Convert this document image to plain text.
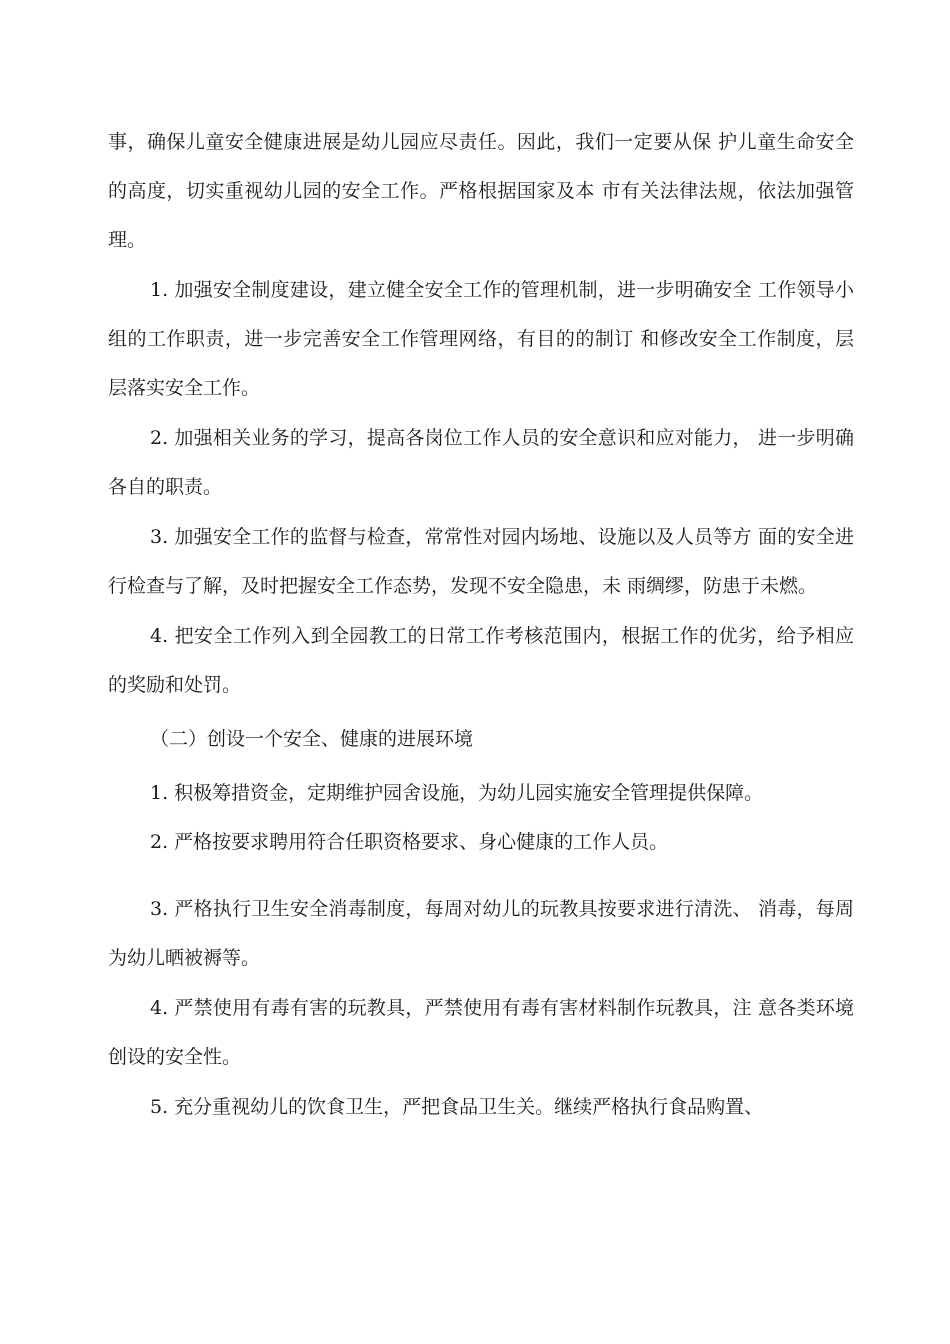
事，确保儿童安全健康进展是幼儿园应尽责任。因此，我们一定要从保 护儿童生命安全的高度，切实重视幼儿园的安全工作。严格根据国家及本 市有关法律法规，依法加强管理。

1. 加强安全制度建设，建立健全安全工作的管理机制，进一步明确安全 工作领导小组的工作职责，进一步完善安全工作管理网络，有目的的制订 和修改安全工作制度，层层落实安全工作。

2. 加强相关业务的学习，提高各岗位工作人员的安全意识和应对能力， 进一步明确各自的职责。

3. 加强安全工作的监督与检查，常常性对园内场地、设施以及人员等方 面的安全进行检查与了解，及时把握安全工作态势，发现不安全隐患，未 雨绸缪，防患于未燃。

4. 把安全工作列入到全园教工的日常工作考核范围内，根据工作的优劣，给予相应的奖励和处罚。

（二）创设一个安全、健康的进展环境

1. 积极筹措资金，定期维护园舍设施，为幼儿园实施安全管理提供保障。

2. 严格按要求聘用符合任职资格要求、身心健康的工作人员。

3. 严格执行卫生安全消毒制度，每周对幼儿的玩教具按要求进行清洗、 消毒，每周为幼儿晒被褥等。

4. 严禁使用有毒有害的玩教具，严禁使用有毒有害材料制作玩教具，注 意各类环境创设的安全性。

5. 充分重视幼儿的饮食卫生，严把食品卫生关。继续严格执行食品购置、
